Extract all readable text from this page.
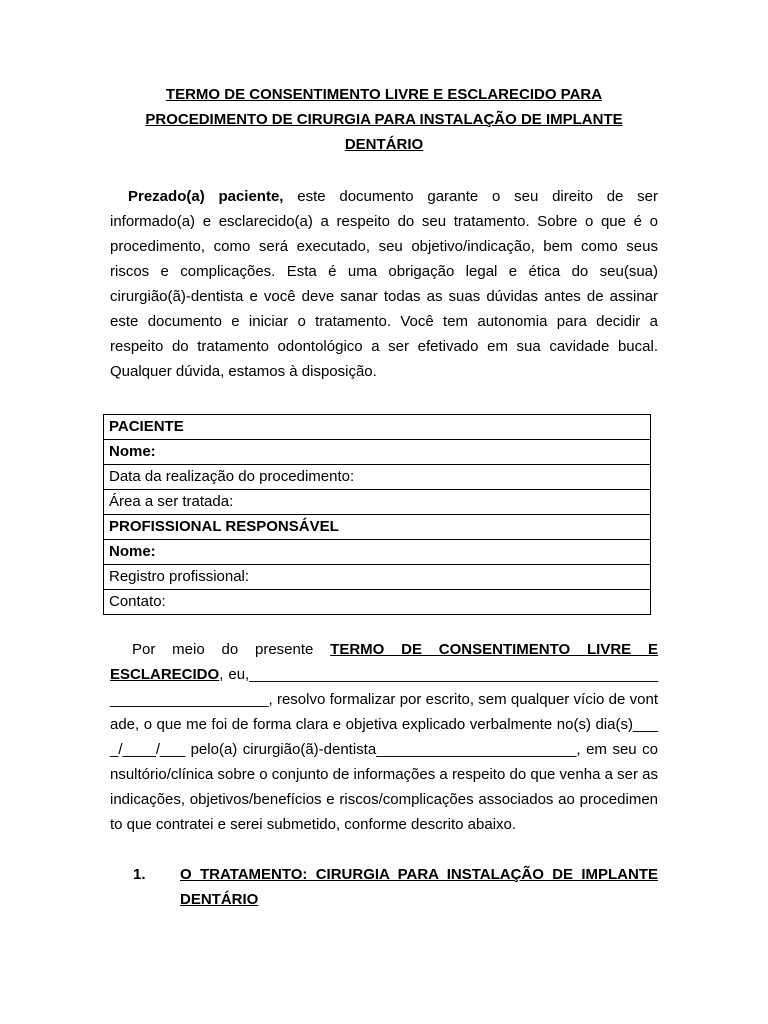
TERMO DE CONSENTIMENTO LIVRE E ESCLARECIDO PARA
PROCEDIMENTO DE CIRURGIA PARA INSTALAÇÃO DE IMPLANTE
DENTÁRIO

Prezado(a) paciente, este documento garante o seu direito de ser informado(a) e esclarecido(a) a respeito do seu tratamento. Sobre o que é o procedimento, como será executado, seu objetivo/indicação, bem como seus riscos e complicações. Esta é uma obrigação legal e ética do seu(sua) cirurgião(ã)-dentista e você deve sanar todas as suas dúvidas antes de assinar este documento e iniciar o tratamento. Você tem autonomia para decidir a respeito do tratamento odontológico a ser efetivado em sua cavidade bucal. Qualquer dúvida, estamos à disposição.

PACIENTE
Nome:
Data da realização do procedimento:
Área a ser tratada:
PROFISSIONAL RESPONSÁVEL
Nome:
Registro profissional:
Contato:

Por meio do presente TERMO DE CONSENTIMENTO LIVRE E ESCLARECIDO, eu,____________________________________________________________________, resolvo formalizar por escrito, sem qualquer vício de vontade, o que me foi de forma clara e objetiva explicado verbalmente no(s) dia(s)____/____/___ pelo(a) cirurgião(ã)-dentista________________________, em seu consultório/clínica sobre o conjunto de informações a respeito do que venha a ser as indicações, objetivos/benefícios e riscos/complicações associados ao procedimento que contratei e serei submetido, conforme descrito abaixo.

1.	O TRATAMENTO: CIRURGIA PARA INSTALAÇÃO DE IMPLANTE DENTÁRIO
